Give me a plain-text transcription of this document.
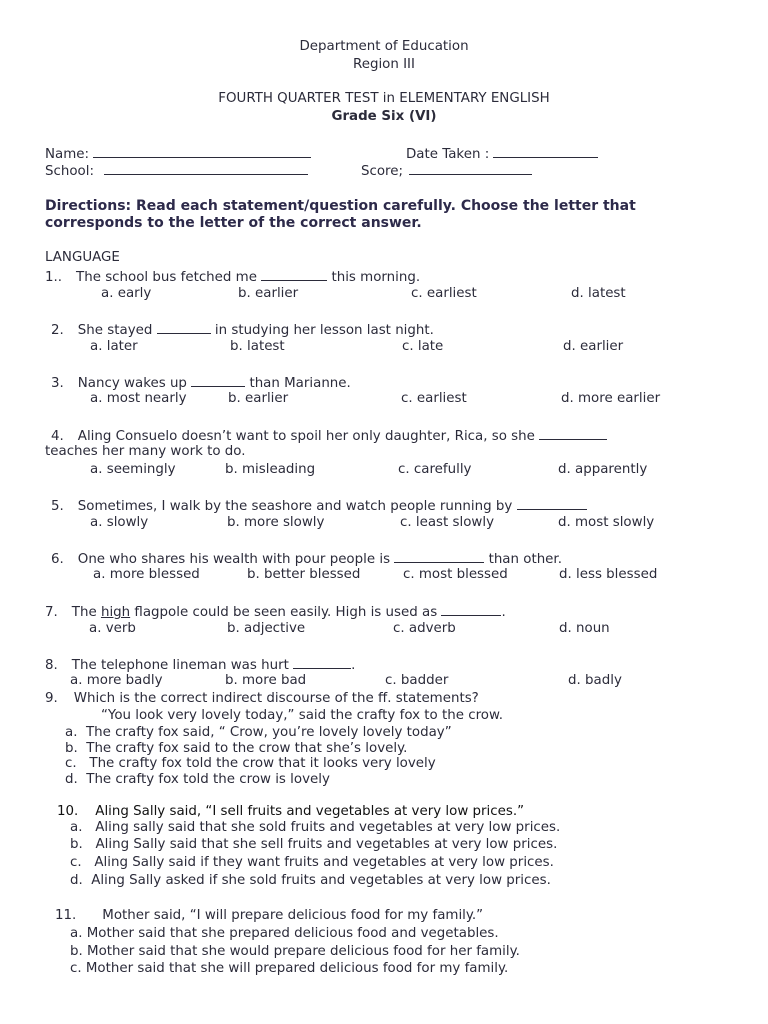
Department of Education
Region III
FOURTH QUARTER TEST in ELEMENTARY ENGLISH
Grade Six (VI)
Name:	Date Taken :
School:	Score;
Directions: Read each statement/question carefully. Choose the letter that
corresponds to the letter of the correct answer.
LANGUAGE
1.. The school bus fetched me	this morning.
a. early	b. earlier	c. earliest	d. latest
2. She stayed	in studying her lesson last night.
a. later	b. latest	c. late	d. earlier
3. Nancy wakes up	than Marianne.
a. most nearly	b. earlier	c. earliest	d. more earlier
4. Aling Consuelo doesn’t want to spoil her only daughter, Rica, so she
teaches her many work to do.
a. seemingly	b. misleading	c. carefully	d. apparently
5. Sometimes, I walk by the seashore and watch people running by
a. slowly	b. more slowly	c. least slowly	d. most slowly
6. One who shares his wealth with pour people is	than other.
a. more blessed	b. better blessed	c. most blessed	d. less blessed
7. The high flagpole could be seen easily. High is used as	.
a. verb	b. adjective	c. adverb	d. noun
8. The telephone lineman was hurt	.
a. more badly	b. more bad	c. badder	d. badly
9. Which is the correct indirect discourse of the ff. statements?
“You look very lovely today,” said the crafty fox to the crow.
a.  The crafty fox said, “ Crow, you’re lovely lovely today”
b.  The crafty fox said to the crow that she’s lovely.
c.   The crafty fox told the crow that it looks very lovely
d.  The crafty fox told the crow is lovely
10. Aling Sally said, “I sell fruits and vegetables at very low prices.”
a.   Aling sally said that she sold fruits and vegetables at very low prices.
b.   Aling Sally said that she sell fruits and vegetables at very low prices.
c.   Aling Sally said if they want fruits and vegetables at very low prices.
d.  Aling Sally asked if she sold fruits and vegetables at very low prices.
11. Mother said, “I will prepare delicious food for my family.”
a. Mother said that she prepared delicious food and vegetables.
b. Mother said that she would prepare delicious food for her family.
c. Mother said that she will prepared delicious food for my family.
